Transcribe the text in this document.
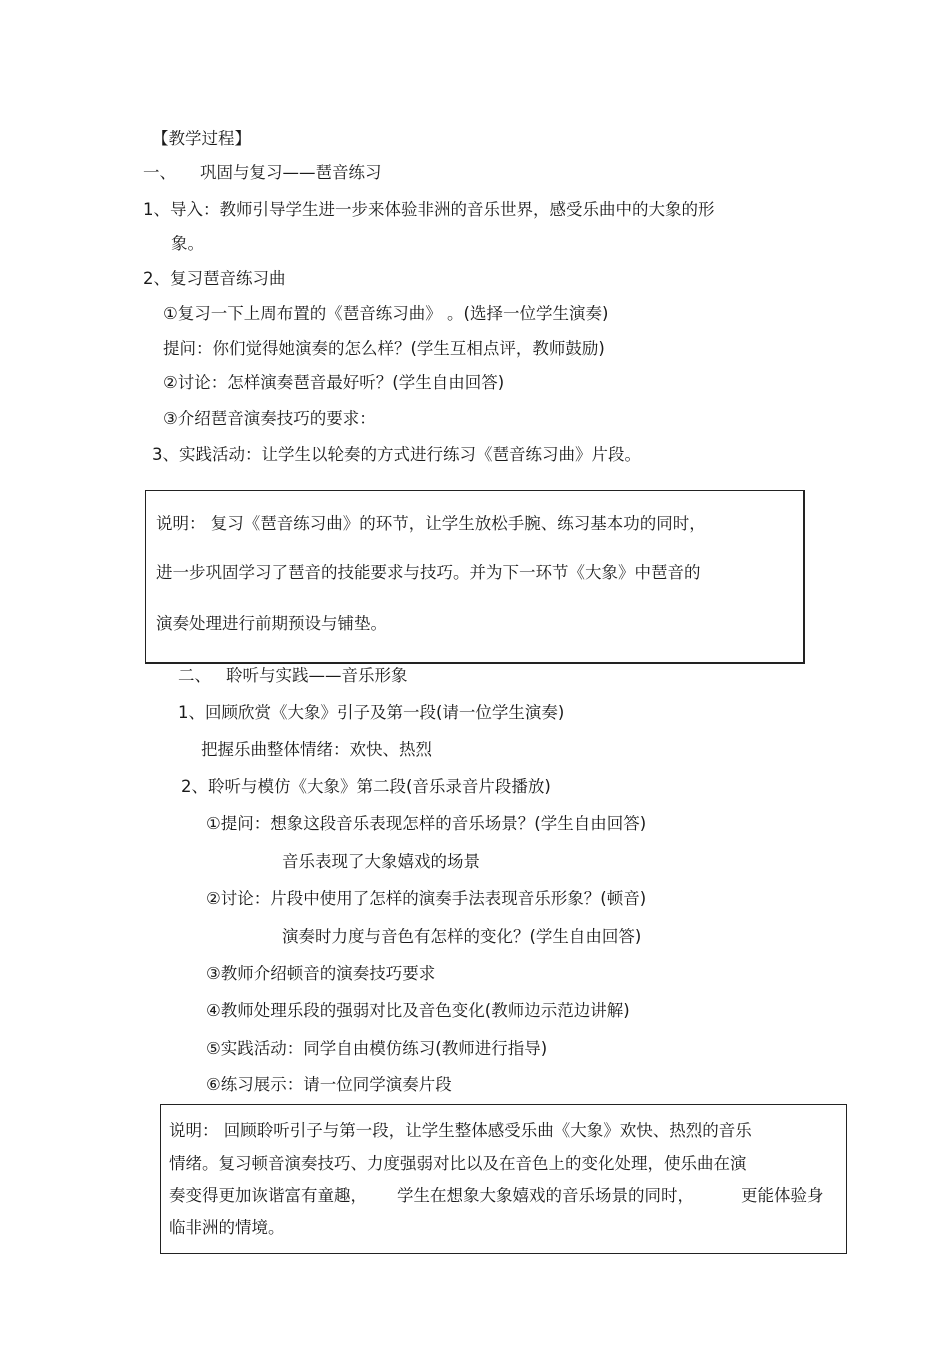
【教学过程】
一、 巩固与复习——琶音练习
1、导入：教师引导学生进一步来体验非洲的音乐世界，感受乐曲中的大象的形
象。
2、复习琶音练习曲
①复习一下上周布置的《琶音练习曲》 。(选择一位学生演奏)
提问：你们觉得她演奏的怎么样？(学生互相点评，教师鼓励)
②讨论：怎样演奏琶音最好听？(学生自由回答)
③介绍琶音演奏技巧的要求：
3、实践活动：让学生以轮奏的方式进行练习《琶音练习曲》片段。
说明： 复习《琶音练习曲》的环节，让学生放松手腕、练习基本功的同时，
进一步巩固学习了琶音的技能要求与技巧。并为下一环节《大象》中琶音的
演奏处理进行前期预设与铺垫。
二、 聆听与实践——音乐形象
1、回顾欣赏《大象》引子及第一段(请一位学生演奏)
把握乐曲整体情绪：欢快、热烈
2、聆听与模仿《大象》第二段(音乐录音片段播放)
①提问：想象这段音乐表现怎样的音乐场景？(学生自由回答)
音乐表现了大象嬉戏的场景
②讨论：片段中使用了怎样的演奏手法表现音乐形象？(顿音)
演奏时力度与音色有怎样的变化？(学生自由回答)
③教师介绍顿音的演奏技巧要求
④教师处理乐段的强弱对比及音色变化(教师边示范边讲解)
⑤实践活动：同学自由模仿练习(教师进行指导)
⑥练习展示：请一位同学演奏片段
说明： 回顾聆听引子与第一段，让学生整体感受乐曲《大象》欢快、热烈的音乐
情绪。复习顿音演奏技巧、力度强弱对比以及在音色上的变化处理，使乐曲在演
奏变得更加诙谐富有童趣， 学生在想象大象嬉戏的音乐场景的同时，	更能体验身
临非洲的情境。
